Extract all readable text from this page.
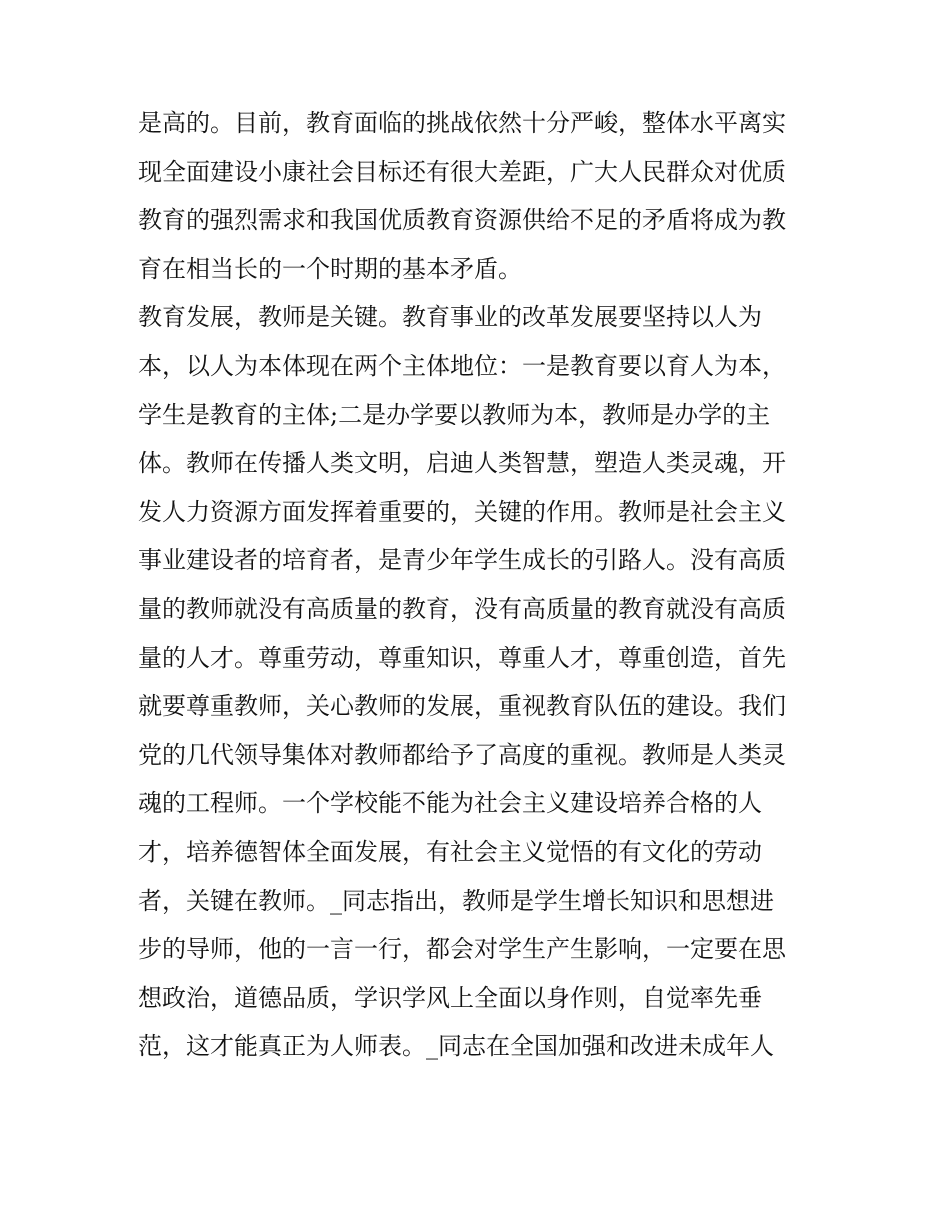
是高的。目前，教育面临的挑战依然十分严峻，整体水平离实
现全面建设小康社会目标还有很大差距，广大人民群众对优质
教育的强烈需求和我国优质教育资源供给不足的矛盾将成为教
育在相当长的一个时期的基本矛盾。
教育发展，教师是关键。教育事业的改革发展要坚持以人为
本，以人为本体现在两个主体地位：一是教育要以育人为本，
学生是教育的主体;二是办学要以教师为本，教师是办学的主
体。教师在传播人类文明，启迪人类智慧，塑造人类灵魂，开
发人力资源方面发挥着重要的，关键的作用。教师是社会主义
事业建设者的培育者，是青少年学生成长的引路人。没有高质
量的教师就没有高质量的教育，没有高质量的教育就没有高质
量的人才。尊重劳动，尊重知识，尊重人才，尊重创造，首先
就要尊重教师，关心教师的发展，重视教育队伍的建设。我们
党的几代领导集体对教师都给予了高度的重视。教师是人类灵
魂的工程师。一个学校能不能为社会主义建设培养合格的人
才，培养德智体全面发展，有社会主义觉悟的有文化的劳动
者，关键在教师。_同志指出，教师是学生增长知识和思想进
步的导师，他的一言一行，都会对学生产生影响，一定要在思
想政治，道德品质，学识学风上全面以身作则，自觉率先垂
范，这才能真正为人师表。_同志在全国加强和改进未成年人
